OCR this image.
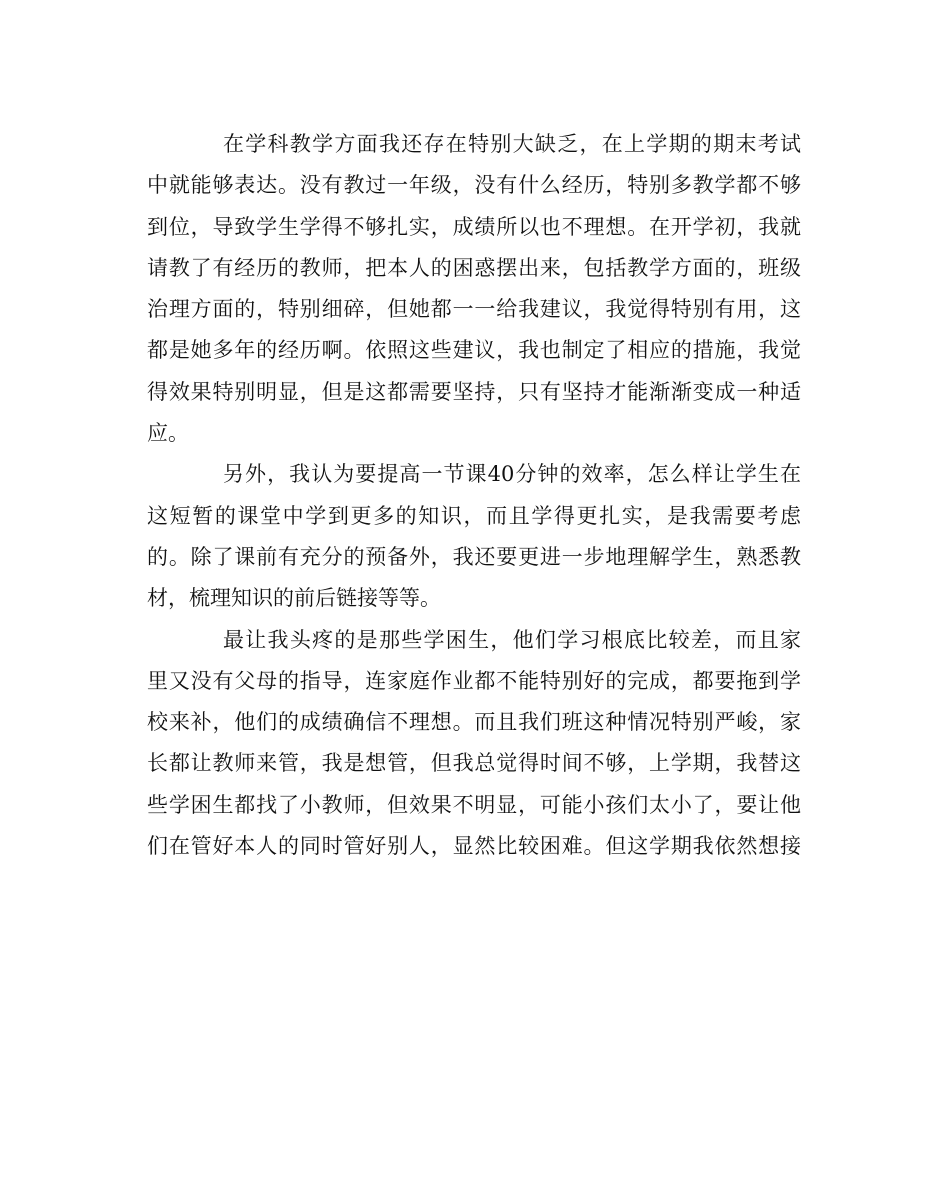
在学科教学方面我还存在特别大缺乏，在上学期的期末考试
中就能够表达。没有教过一年级，没有什么经历，特别多教学都不够
到位，导致学生学得不够扎实，成绩所以也不理想。在开学初，我就
请教了有经历的教师，把本人的困惑摆出来，包括教学方面的，班级
治理方面的，特别细碎，但她都一一给我建议，我觉得特别有用，这
都是她多年的经历啊。依照这些建议，我也制定了相应的措施，我觉
得效果特别明显，但是这都需要坚持，只有坚持才能渐渐变成一种适
应。
另外，我认为要提高一节课40分钟的效率，怎么样让学生在
这短暂的课堂中学到更多的知识，而且学得更扎实，是我需要考虑
的。除了课前有充分的预备外，我还要更进一步地理解学生，熟悉教
材，梳理知识的前后链接等等。
最让我头疼的是那些学困生，他们学习根底比较差，而且家
里又没有父母的指导，连家庭作业都不能特别好的完成，都要拖到学
校来补，他们的成绩确信不理想。而且我们班这种情况特别严峻，家
长都让教师来管，我是想管，但我总觉得时间不够，上学期，我替这
些学困生都找了小教师，但效果不明显，可能小孩们太小了，要让他
们在管好本人的同时管好别人，显然比较困难。但这学期我依然想接
